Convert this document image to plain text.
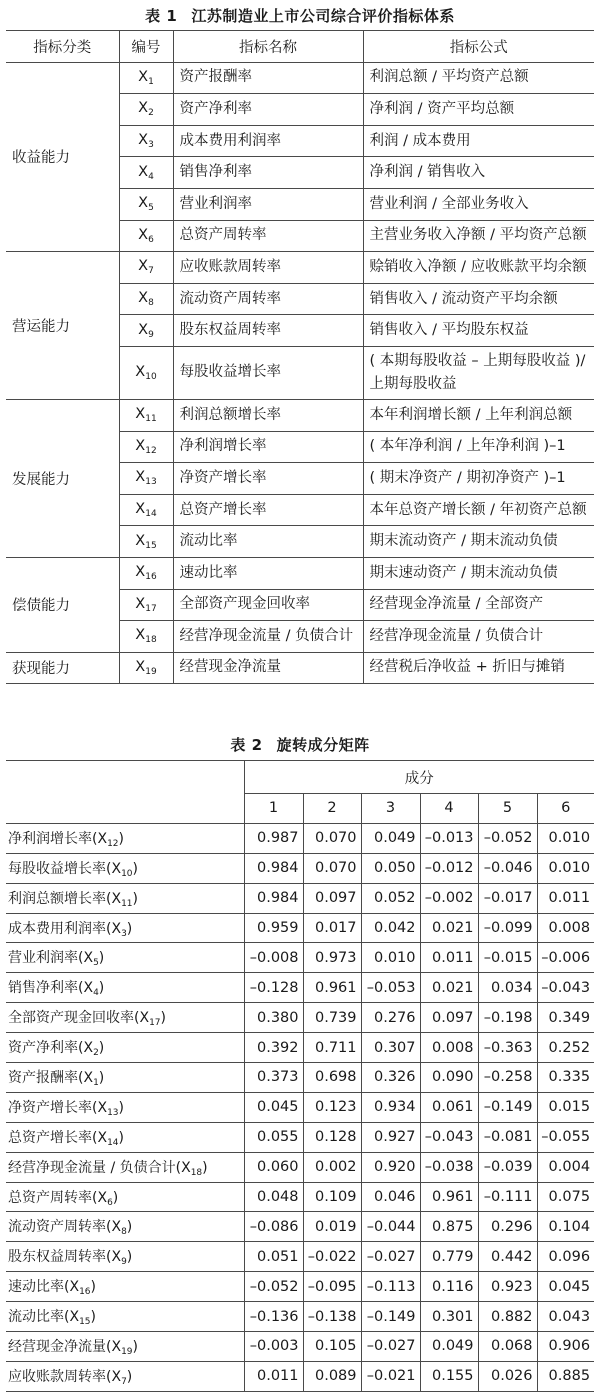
表 1 江苏制造业上市公司综合评价指标体系
指标分类	编号	指标名称	指标公式
收益能力	$X_1$	资产报酬率	利润总额 / 平均资产总额
	$X_2$	资产净利率	净利润 / 资产平均总额
	$X_3$	成本费用利润率	利润 / 成本费用
	$X_4$	销售净利率	净利润 / 销售收入
	$X_5$	营业利润率	营业利润 / 全部业务收入
	$X_6$	总资产周转率	主营业务收入净额 / 平均资产总额
营运能力	$X_7$	应收账款周转率	赊销收入净额 / 应收账款平均余额
	$X_8$	流动资产周转率	销售收入 / 流动资产平均余额
	$X_9$	股东权益周转率	销售收入 / 平均股东权益
	$X_{10}$	每股收益增长率	( 本期每股收益 – 上期每股收益 )/ 上期每股收益
发展能力	$X_{11}$	利润总额增长率	本年利润增长额 / 上年利润总额
	$X_{12}$	净利润增长率	( 本年净利润 / 上年净利润 )–1
	$X_{13}$	净资产增长率	( 期末净资产 / 期初净资产 )–1
	$X_{14}$	总资产增长率	本年总资产增长额 / 年初资产总额
	$X_{15}$	流动比率	期末流动资产 / 期末流动负债
偿债能力	$X_{16}$	速动比率	期末速动资产 / 期末流动负债
	$X_{17}$	全部资产现金回收率	经营现金净流量 / 全部资产
	$X_{18}$	经营净现金流量 / 负债合计	经营净现金流量 / 负债合计
获现能力	$X_{19}$	经营现金净流量	经营税后净收益 + 折旧与摊销
表 2 旋转成分矩阵
	成分					
	1	2	3	4	5	6
净利润增长率$(X_{12})$	0.987	0.070	0.049	–0.013	–0.052	0.010
每股收益增长率$(X_{10})$	0.984	0.070	0.050	–0.012	–0.046	0.010
利润总额增长率$(X_{11})$	0.984	0.097	0.052	–0.002	–0.017	0.011
成本费用利润率$(X_3)$	0.959	0.017	0.042	0.021	–0.099	0.008
营业利润率$(X_5)$	–0.008	0.973	0.010	0.011	–0.015	–0.006
销售净利率$(X_4)$	–0.128	0.961	–0.053	0.021	0.034	–0.043
全部资产现金回收率$(X_{17})$	0.380	0.739	0.276	0.097	–0.198	0.349
资产净利率$(X_2)$	0.392	0.711	0.307	0.008	–0.363	0.252
资产报酬率$(X_1)$	0.373	0.698	0.326	0.090	–0.258	0.335
净资产增长率$(X_{13})$	0.045	0.123	0.934	0.061	–0.149	0.015
总资产增长率$(X_{14})$	0.055	0.128	0.927	–0.043	–0.081	–0.055
经营净现金流量 / 负债合计$(X_{18})$	0.060	0.002	0.920	–0.038	–0.039	0.004
总资产周转率$(X_6)$	0.048	0.109	0.046	0.961	–0.111	0.075
流动资产周转率$(X_8)$	–0.086	0.019	–0.044	0.875	0.296	0.104
股东权益周转率$(X_9)$	0.051	–0.022	–0.027	0.779	0.442	0.096
速动比率$(X_{16})$	–0.052	–0.095	–0.113	0.116	0.923	0.045
流动比率$(X_{15})$	–0.136	–0.138	–0.149	0.301	0.882	0.043
经营现金净流量$(X_{19})$	–0.003	0.105	–0.027	0.049	0.068	0.906
应收账款周转率$(X_7)$	0.011	0.089	–0.021	0.155	0.026	0.885
